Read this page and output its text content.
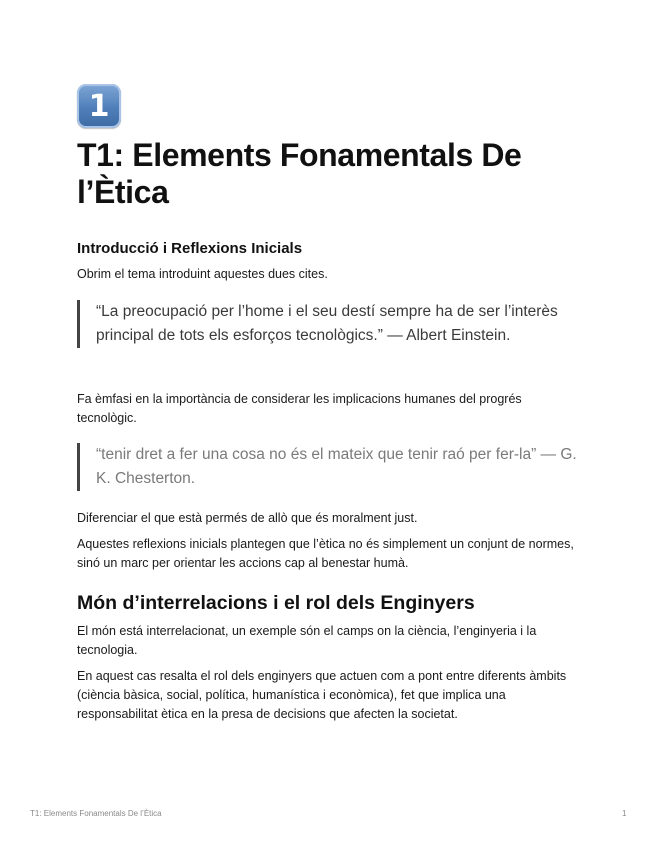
1
T1: Elements Fonamentals De l’Ètica
Introducció i Reflexions Inicials

Obrim el tema introduint aquestes dues cites.

“La preocupació per l’home i el seu destí sempre ha de ser l’interès
principal de tots els esforços tecnològics.” — Albert Einstein.

Fa èmfasi en la importància de considerar les implicacions humanes del progrés tecnològic.

“tenir dret a fer una cosa no és el mateix que tenir raó per fer-la” — G. K. Chesterton.

Diferenciar el que està permés de allò que és moralment just.

Aquestes reflexions inicials plantegen que l’ètica no és simplement un conjunt de normes, sinó un marc per orientar les accions cap al benestar humà.

Món d’interrelacions i el rol dels Enginyers

El món está interrelacionat, un exemple són el camps on la ciència, l’enginyeria i la tecnologia.

En aquest cas resalta el rol dels enginyers que actuen com a pont entre diferents àmbits (ciència bàsica, social, política, humanística i econòmica), fet que implica una responsabilitat ètica en la presa de decisions que afecten la societat.

T1: Elements Fonamentals De l’Ètica	1
